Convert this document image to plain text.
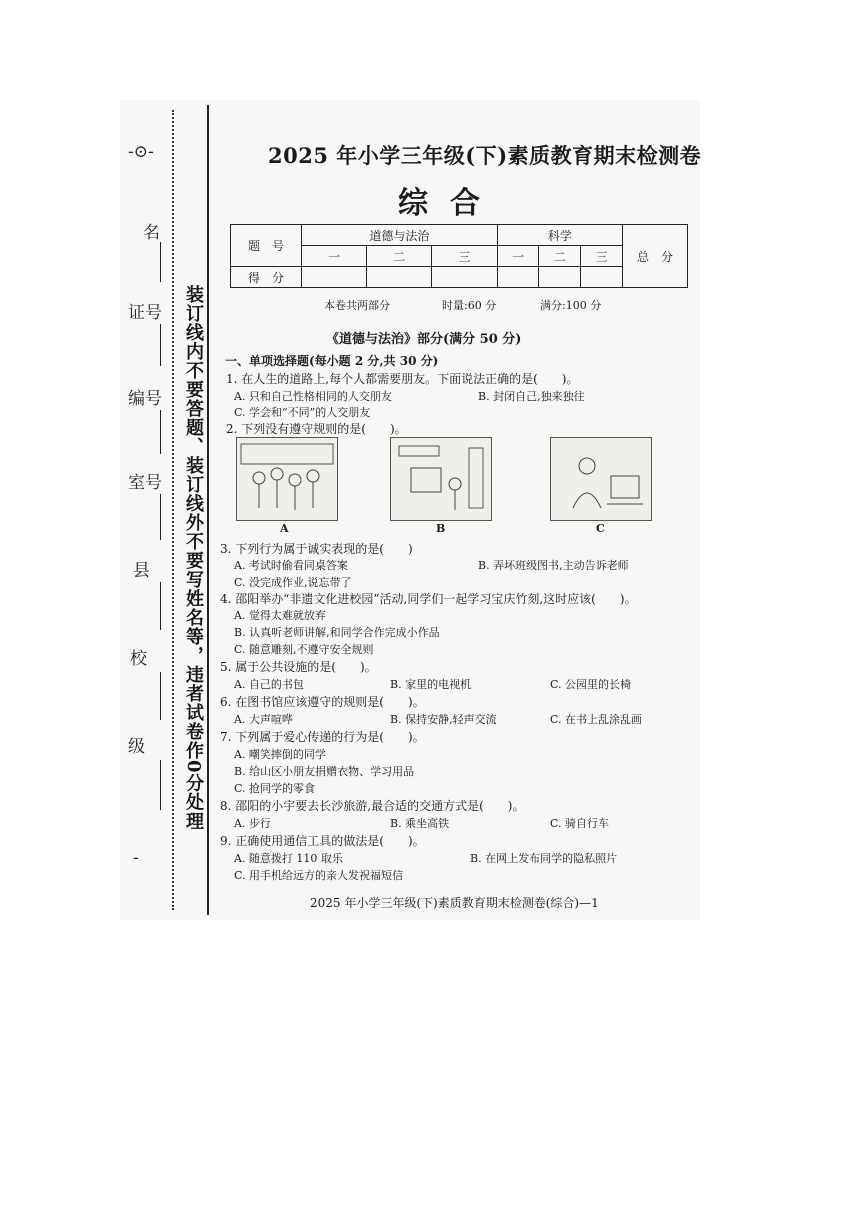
-⊙-
名
证号
编号
室号
县
校
级
-
装订线内不要答题、装订线外不要写姓名等，违者试卷作0分处理
2025 年小学三年级(下)素质教育期末检测卷
综合
题　号	道德与法治			科学			总　分
	一	二	三	一	二	三	
得　分							
本卷共两部分	时量:60 分	满分:100 分
《道德与法治》部分(满分 50 分)
一、单项选择题(每小题 2 分,共 30 分)
1. 在人生的道路上,每个人都需要朋友。下面说法正确的是(　　)。
A. 只和自己性格相同的人交朋友	B. 封闭自己,独来独往
C. 学会和“不同”的人交朋友
2. 下列没有遵守规则的是(　　)。
A	B	C
3. 下列行为属于诚实表现的是(　　)
A. 考试时偷看同桌答案	B. 弄坏班级图书,主动告诉老师
C. 没完成作业,说忘带了
4. 邵阳举办“非遗文化进校园”活动,同学们一起学习宝庆竹刻,这时应该(　　)。
A. 觉得太难就放弃
B. 认真听老师讲解,和同学合作完成小作品
C. 随意雕刻,不遵守安全规则
5. 属于公共设施的是(　　)。
A. 自己的书包	B. 家里的电视机	C. 公园里的长椅
6. 在图书馆应该遵守的规则是(　　)。
A. 大声喧哗	B. 保持安静,轻声交流	C. 在书上乱涂乱画
7. 下列属于爱心传递的行为是(　　)。
A. 嘲笑摔倒的同学
B. 给山区小朋友捐赠衣物、学习用品
C. 抢同学的零食
8. 邵阳的小宇要去长沙旅游,最合适的交通方式是(　　)。
A. 步行	B. 乘坐高铁	C. 骑自行车
9. 正确使用通信工具的做法是(　　)。
A. 随意拨打 110 取乐	B. 在网上发布同学的隐私照片
C. 用手机给远方的亲人发祝福短信
2025 年小学三年级(下)素质教育期末检测卷(综合)—1
